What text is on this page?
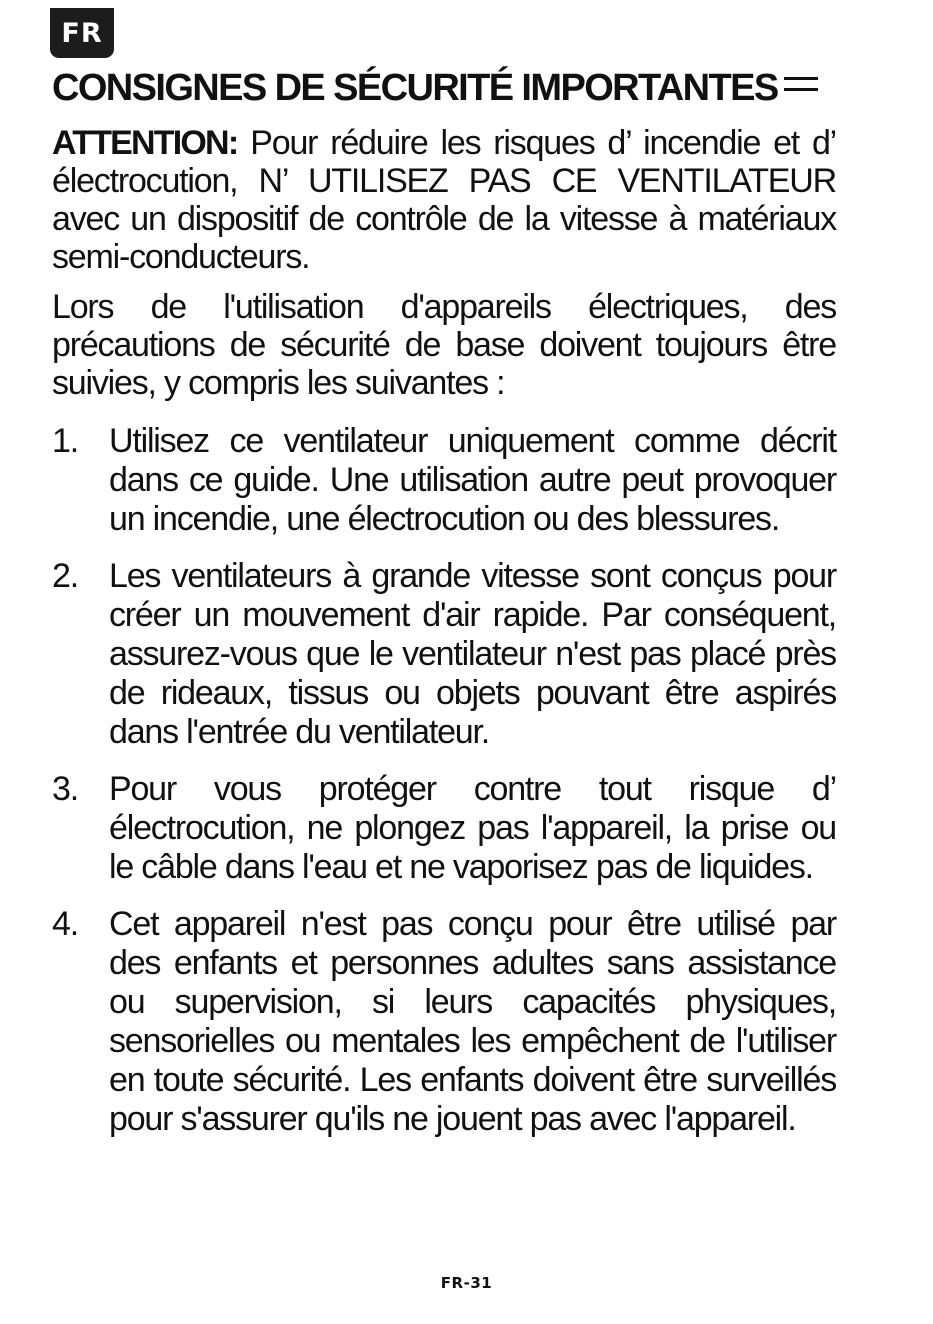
FR
CONSIGNES DE SÉCURITÉ IMPORTANTES

ATTENTION: Pour réduire les risques d’ incendie et d’ électrocution, N’ UTILISEZ PAS CE VENTILATEUR avec un dispositif de contrôle de la vitesse à matériaux semi-conducteurs.

Lors de l'utilisation d'appareils électriques, des précautions de sécurité de base doivent toujours être suivies, y compris les suivantes :

1. Utilisez ce ventilateur uniquement comme décrit dans ce guide. Une utilisation autre peut provoquer un incendie, une électrocution ou des blessures.
2. Les ventilateurs à grande vitesse sont conçus pour créer un mouvement d'air rapide. Par conséquent, assurez-vous que le ventilateur n'est pas placé près de rideaux, tissus ou objets pouvant être aspirés dans l'entrée du ventilateur.
3. Pour vous protéger contre tout risque d’ électrocution, ne plongez pas l'appareil, la prise ou le câble dans l'eau et ne vaporisez pas de liquides.
4. Cet appareil n'est pas conçu pour être utilisé par des enfants et personnes adultes sans assistance ou supervision, si leurs capacités physiques, sensorielles ou mentales les empêchent de l'utiliser en toute sécurité. Les enfants doivent être surveillés pour s'assurer qu'ils ne jouent pas avec l'appareil.
FR-31
